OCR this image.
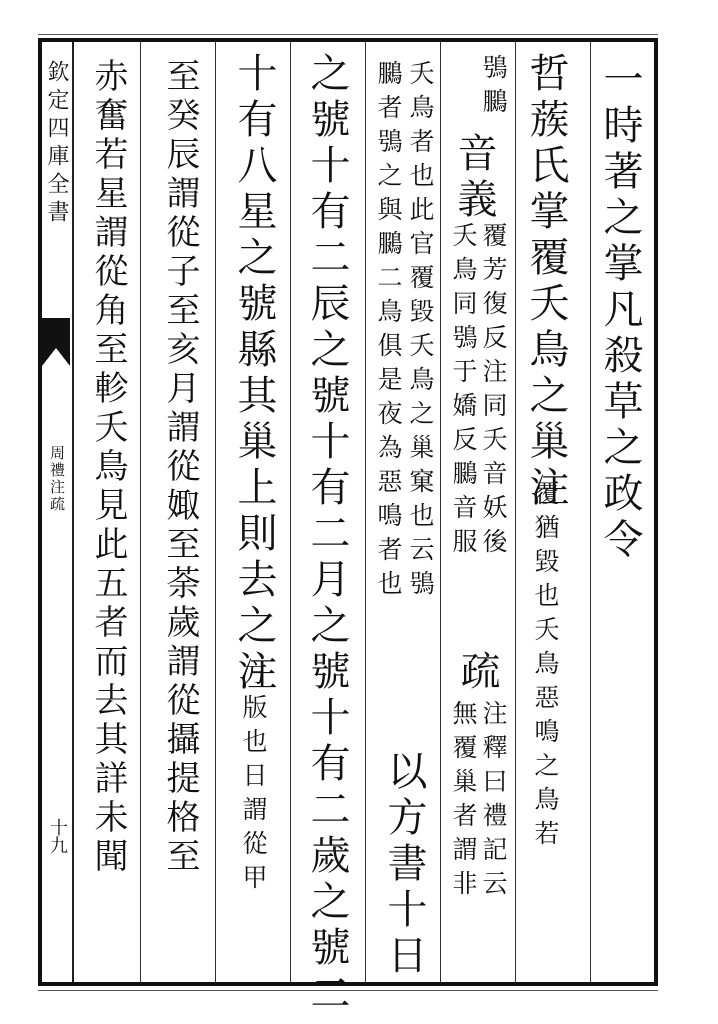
欽定四庫全書
周禮注疏
十九
一時著之掌凡殺草之政令
哲蔟氏掌覆夭鳥之巢注
覆猶毀也夭鳥惡鳴之鳥若
鴞鵩
音義
覆芳復反注同夭音妖後
夭鳥同鴞于嬌反鵩音服
疏
注釋曰禮記云
無覆巢者謂非
夭鳥者也此官覆毀夭鳥之巢窠也云鴞
鵩者鴞之與鵩二鳥俱是夜為惡鳴者也
以方書十日
之號十有二辰之號十有二月之號十有二歲之號二
十有八星之號縣其巢上則去之注
方版也日謂從甲
至癸辰謂從子至亥月謂從娵至荼歲謂從攝提格至
赤奮若星謂從角至軫夭鳥見此五者而去其詳未聞
